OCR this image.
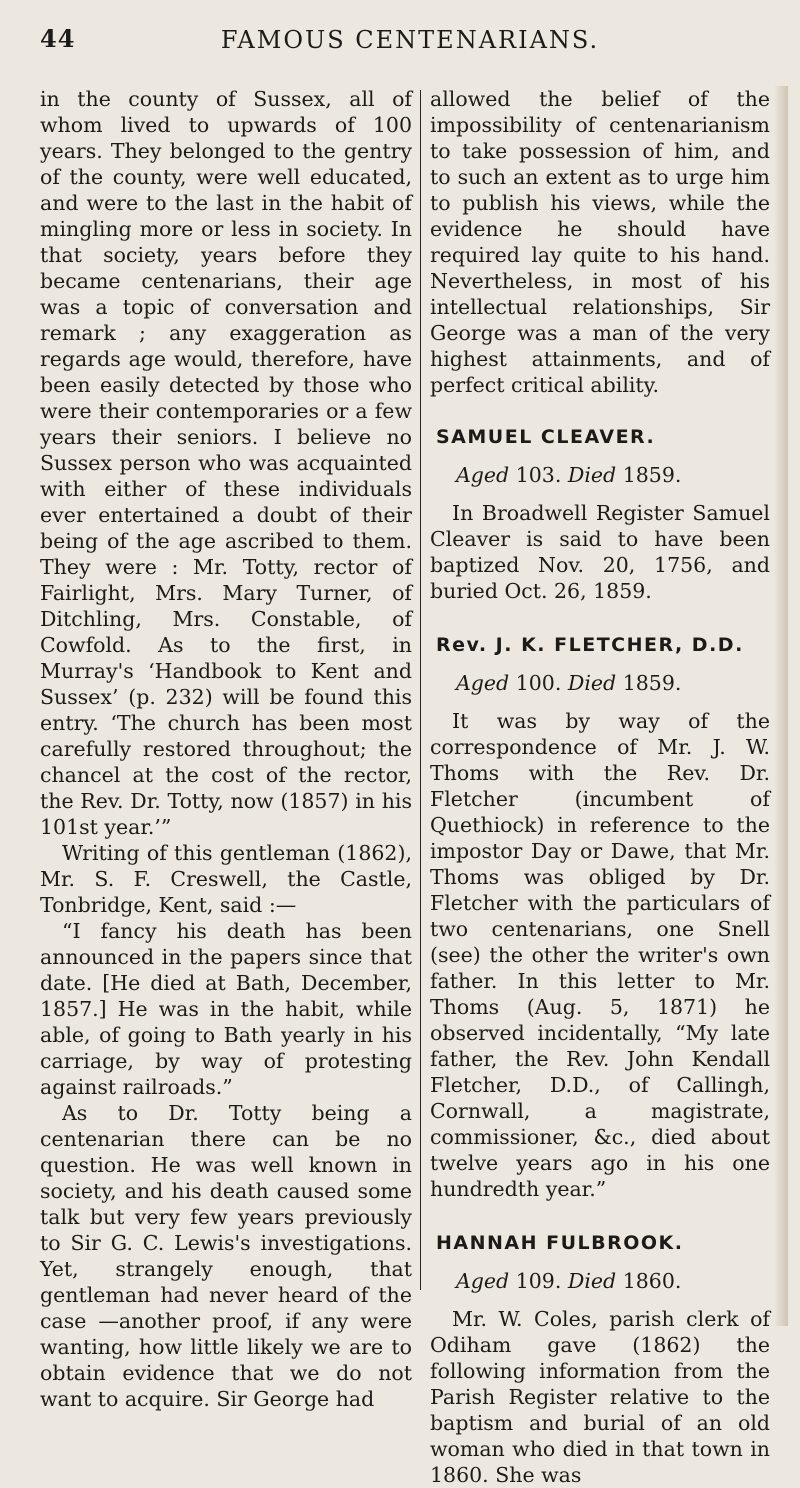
44	FAMOUS CENTENARIANS.

in the county of Sussex, all of whom lived to upwards of 100 years. They belonged to the gentry of the county, were well educated, and were to the last in the habit of mingling more or less in society. In that society, years before they became centenarians, their age was a topic of conversation and remark ; any exaggeration as regards age would, therefore, have been easily detected by those who were their contemporaries or a few years their seniors. I believe no Sussex person who was acquainted with either of these individuals ever entertained a doubt of their being of the age ascribed to them. They were : Mr. Totty, rector of Fairlight, Mrs. Mary Turner, of Ditchling, Mrs. Constable, of Cowfold. As to the first, in Murray's ‘Handbook to Kent and Sussex’ (p. 232) will be found this entry. ‘The church has been most carefully restored throughout; the chancel at the cost of the rector, the Rev. Dr. Totty, now (1857) in his 101st year.’”

Writing of this gentleman (1862), Mr. S. F. Creswell, the Castle, Tonbridge, Kent, said :—

“I fancy his death has been announced in the papers since that date. [He died at Bath, December, 1857.] He was in the habit, while able, of going to Bath yearly in his carriage, by way of protesting against railroads.”

As to Dr. Totty being a centenarian there can be no question. He was well known in society, and his death caused some talk but very few years previously to Sir G. C. Lewis's investigations. Yet, strangely enough, that gentleman had never heard of the case —another proof, if any were wanting, how little likely we are to obtain evidence that we do not want to acquire. Sir George had

allowed the belief of the impossibility of centenarianism to take possession of him, and to such an extent as to urge him to publish his views, while the evidence he should have required lay quite to his hand. Nevertheless, in most of his intellectual relationships, Sir George was a man of the very highest attainments, and of perfect critical ability.

SAMUEL CLEAVER.
Aged 103. Died 1859.

In Broadwell Register Samuel Cleaver is said to have been baptized Nov. 20, 1756, and buried Oct. 26, 1859.

Rev. J. K. FLETCHER, D.D.
Aged 100. Died 1859.

It was by way of the correspondence of Mr. J. W. Thoms with the Rev. Dr. Fletcher (incumbent of Quethiock) in reference to the impostor Day or Dawe, that Mr. Thoms was obliged by Dr. Fletcher with the particulars of two centenarians, one Snell (see) the other the writer's own father. In this letter to Mr. Thoms (Aug. 5, 1871) he observed incidentally, “My late father, the Rev. John Kendall Fletcher, D.D., of Callingh, Cornwall, a magistrate, commissioner, &c., died about twelve years ago in his one hundredth year.”

HANNAH FULBROOK.
Aged 109. Died 1860.

Mr. W. Coles, parish clerk of Odiham gave (1862) the following information from the Parish Register relative to the baptism and burial of an old woman who died in that town in 1860. She was
